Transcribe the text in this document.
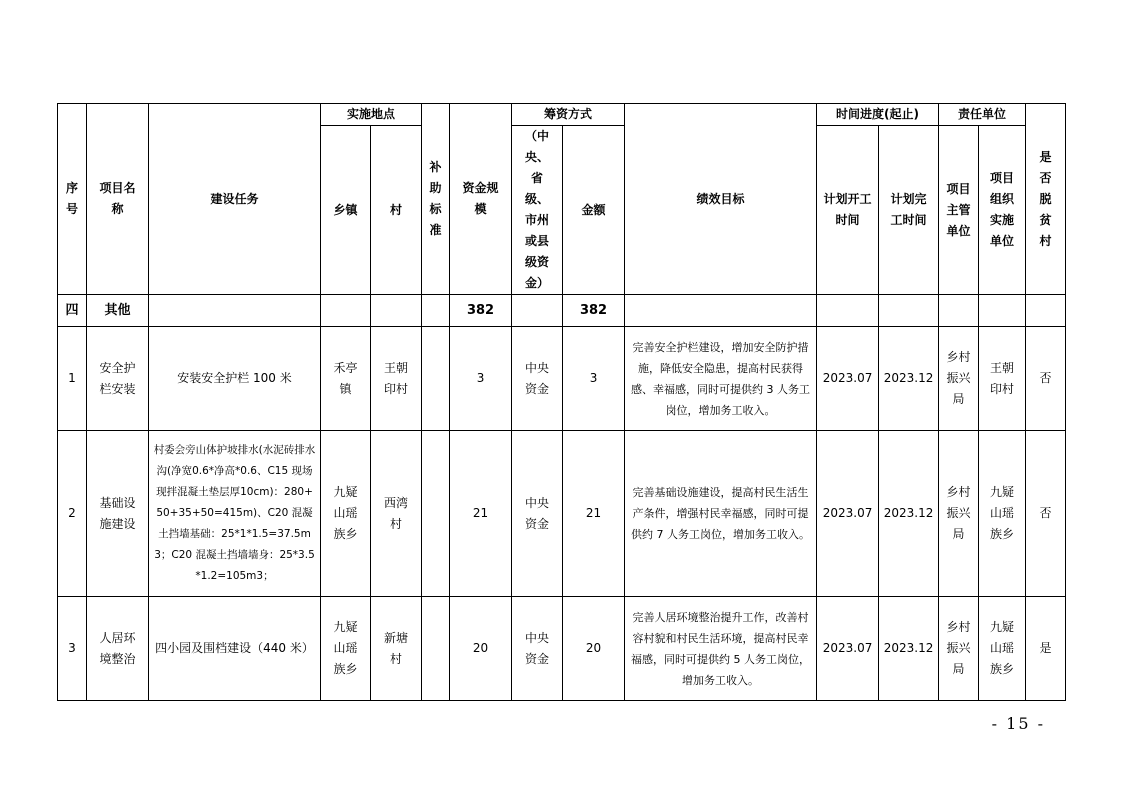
序号	项目名称	建设任务	实施地点		补助标准	资金规模	筹资方式		绩效目标	时间进度(起止)		责任单位		是否脱贫村
			乡镇	村			（中央、省级、市州或县级资金）	金额		计划开工时间	计划完工时间	项目主管单位	项目组织实施单位	
四	其他					382		382						
1	安全护栏安装	安装安全护栏 100 米	禾亭镇	王朝印村		3	中央资金	3	完善安全护栏建设，增加安全防护措施，降低安全隐患，提高村民获得感、幸福感，同时可提供约 3 人务工岗位，增加务工收入。	2023.07	2023.12	乡村振兴局	王朝印村	否
2	基础设施建设	村委会旁山体护坡排水(水泥砖排水沟(净宽0.6*净高*0.6、C15 现场现拌混凝土垫层厚10cm)：280+50+35+50=415m)、C20 混凝土挡墙基础：25*1*1.5=37.5m3；C20 混凝土挡墙墙身：25*3.5*1.2=105m3；	九疑山瑶族乡	西湾村		21	中央资金	21	完善基础设施建设，提高村民生活生产条件，增强村民幸福感，同时可提供约 7 人务工岗位，增加务工收入。	2023.07	2023.12	乡村振兴局	九疑山瑶族乡	否
3	人居环境整治	四小园及围档建设（440 米）	九疑山瑶族乡	新塘村		20	中央资金	20	完善人居环境整治提升工作，改善村容村貌和村民生活环境，提高村民幸福感，同时可提供约 5 人务工岗位，增加务工收入。	2023.07	2023.12	乡村振兴局	九疑山瑶族乡	是
- 15 -
